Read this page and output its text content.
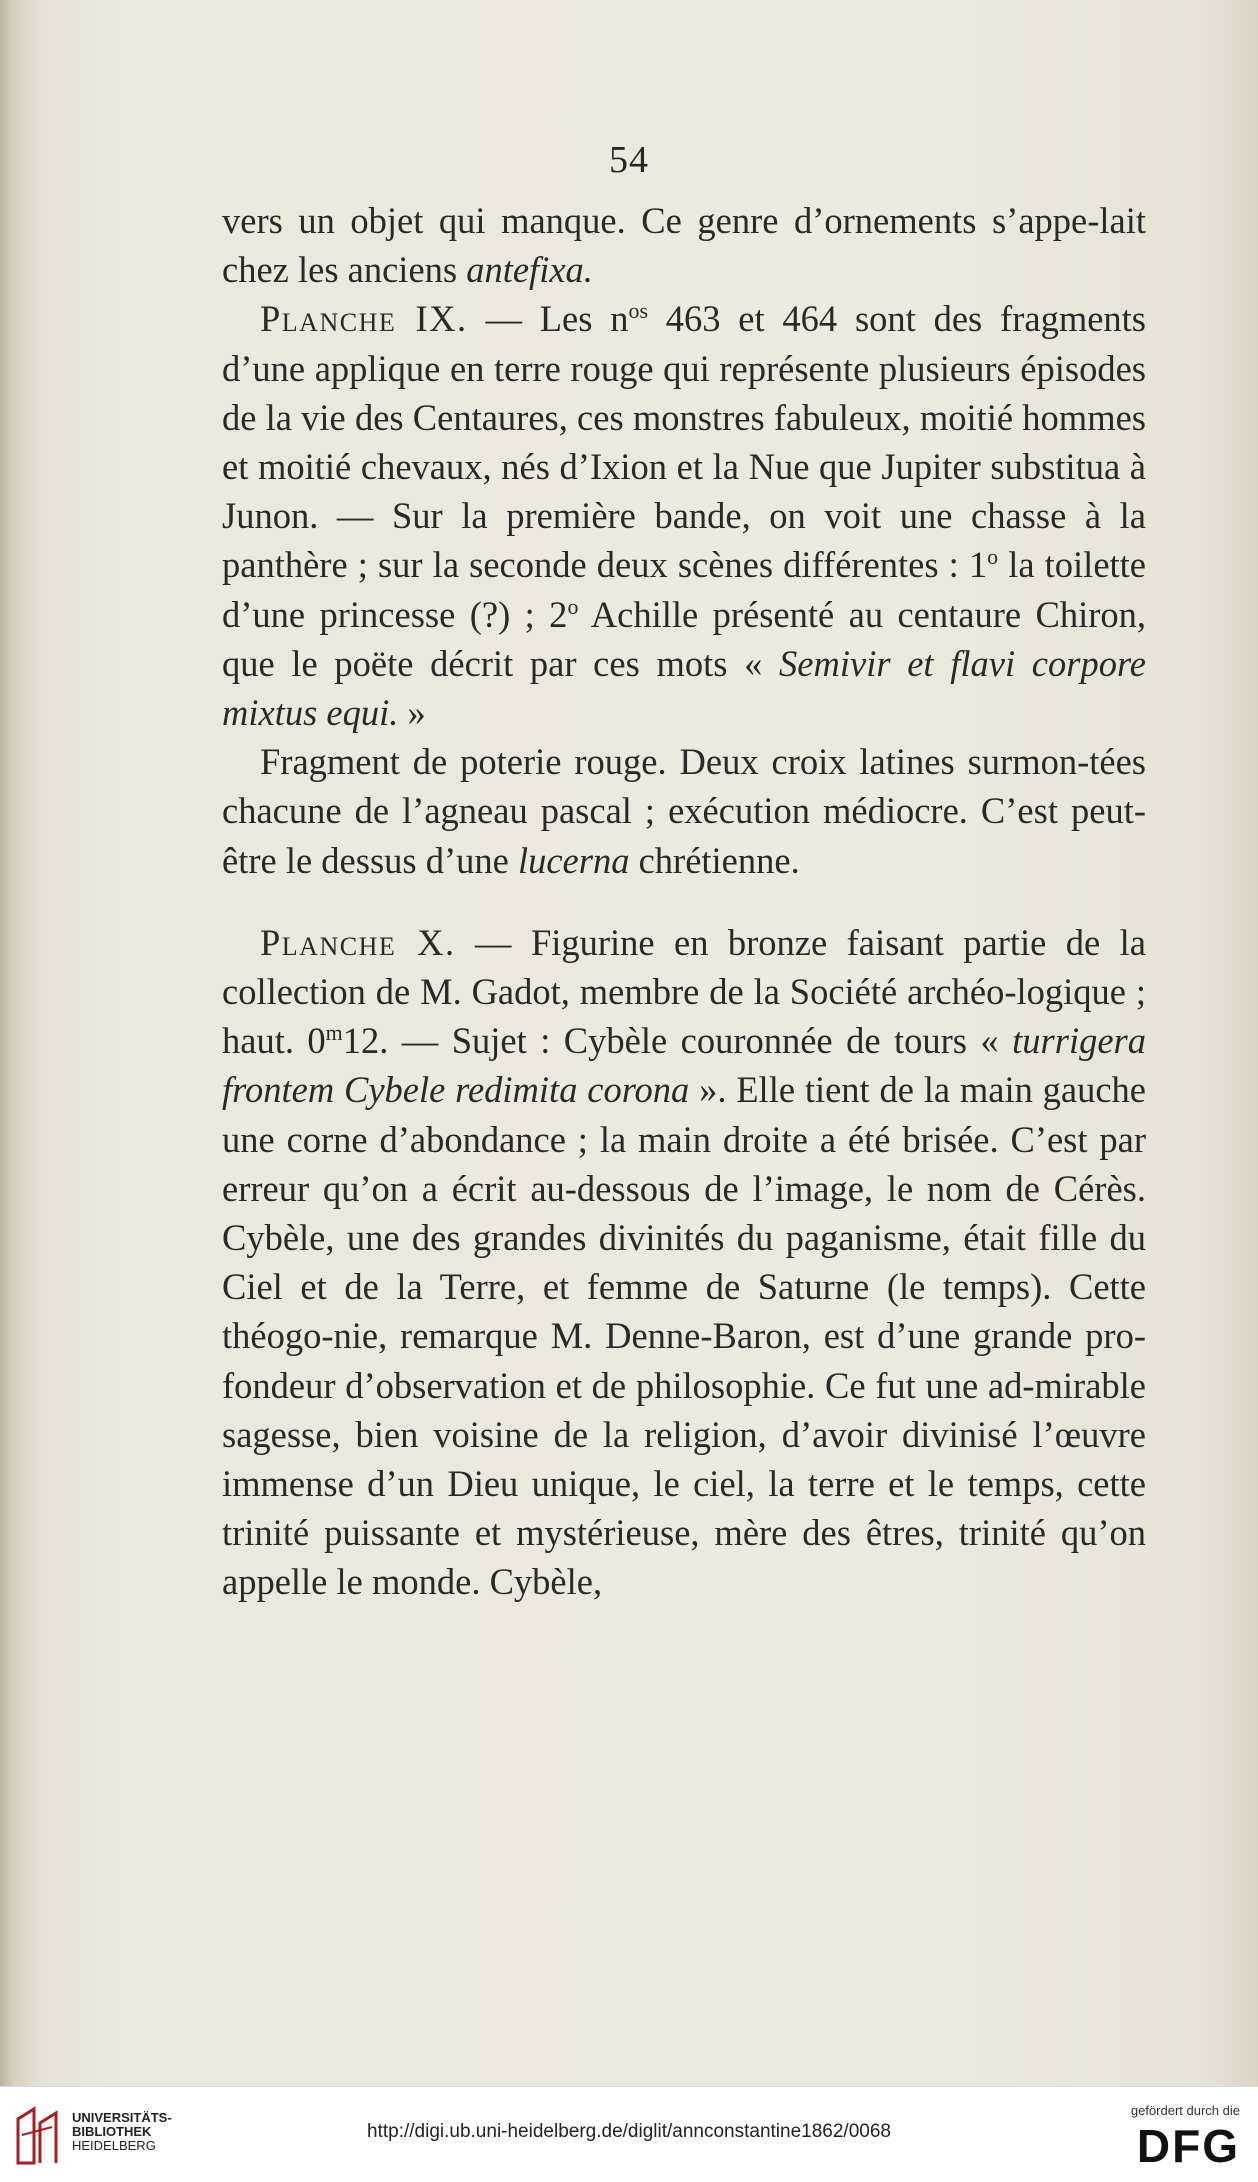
54

vers un objet qui manque. Ce genre d’ornements s’appe-lait chez les anciens antefixa.

Planche IX. — Les $n^{os}$ 463 et 464 sont des fragments d’une applique en terre rouge qui représente plusieurs épisodes de la vie des Centaures, ces monstres fabuleux, moitié hommes et moitié chevaux, nés d’Ixion et la Nue que Jupiter substitua à Junon. — Sur la première bande, on voit une chasse à la panthère ; sur la seconde deux scènes différentes : 1$^o$ la toilette d’une princesse (?) ; 2$^o$ Achille présenté au centaure Chiron, que le poëte décrit par ces mots « Semivir et flavi corpore mixtus equi. »

Fragment de poterie rouge. Deux croix latines surmon-tées chacune de l’agneau pascal ; exécution médiocre. C’est peut-être le dessus d’une lucerna chrétienne.

Planche X. — Figurine en bronze faisant partie de la collection de M. Gadot, membre de la Société archéo-logique ; haut. 0$^m$12. — Sujet : Cybèle couronnée de tours « turrigera frontem Cybele redimita corona ». Elle tient de la main gauche une corne d’abondance ; la main droite a été brisée. C’est par erreur qu’on a écrit au-dessous de l’image, le nom de Cérès. Cybèle, une des grandes divinités du paganisme, était fille du Ciel et de la Terre, et femme de Saturne (le temps). Cette théogo-nie, remarque M. Denne-Baron, est d’une grande pro-fondeur d’observation et de philosophie. Ce fut une ad-mirable sagesse, bien voisine de la religion, d’avoir divinisé l’œuvre immense d’un Dieu unique, le ciel, la terre et le temps, cette trinité puissante et mystérieuse, mère des êtres, trinité qu’on appelle le monde. Cybèle,

UNIVERSITÄTS-
BIBLIOTHEK
HEIDELBERG
http://digi.ub.uni-heidelberg.de/diglit/annconstantine1862/0068
gefördert durch die
DFG
